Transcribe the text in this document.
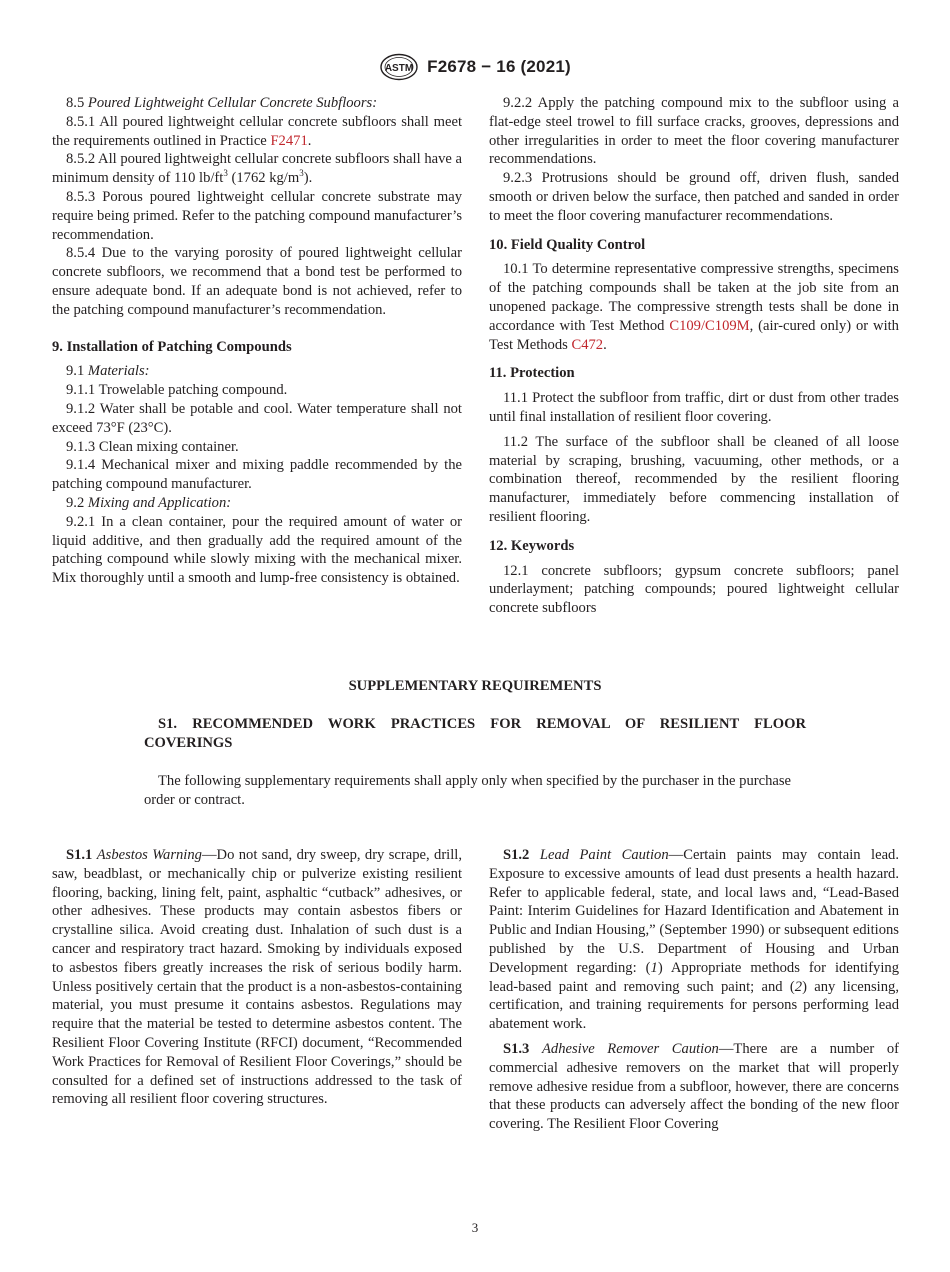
ASTM F2678 − 16 (2021)

8.5 Poured Lightweight Cellular Concrete Subfloors:

8.5.1 All poured lightweight cellular concrete subfloors shall meet the requirements outlined in Practice F2471.

8.5.2 All poured lightweight cellular concrete subfloors shall have a minimum density of 110 $lb/ft^3$ (1762 $kg/m^3$).

8.5.3 Porous poured lightweight cellular concrete substrate may require being primed. Refer to the patching compound manufacturer’s recommendation.

8.5.4 Due to the varying porosity of poured lightweight cellular concrete subfloors, we recommend that a bond test be performed to ensure adequate bond. If an adequate bond is not achieved, refer to the patching compound manufacturer’s recommendation.

9. Installation of Patching Compounds

9.1 Materials:

9.1.1 Trowelable patching compound.

9.1.2 Water shall be potable and cool. Water temperature shall not exceed 73°F (23°C).

9.1.3 Clean mixing container.

9.1.4 Mechanical mixer and mixing paddle recommended by the patching compound manufacturer.

9.2 Mixing and Application:

9.2.1 In a clean container, pour the required amount of water or liquid additive, and then gradually add the required amount of the patching compound while slowly mixing with the mechanical mixer. Mix thoroughly until a smooth and lump-free consistency is obtained.

9.2.2 Apply the patching compound mix to the subfloor using a flat-edge steel trowel to fill surface cracks, grooves, depressions and other irregularities in order to meet the floor covering manufacturer recommendations.

9.2.3 Protrusions should be ground off, driven flush, sanded smooth or driven below the surface, then patched and sanded in order to meet the floor covering manufacturer recommendations.

10. Field Quality Control

10.1 To determine representative compressive strengths, specimens of the patching compounds shall be taken at the job site from an unopened package. The compressive strength tests shall be done in accordance with Test Method C109/C109M, (air-cured only) or with Test Methods C472.

11. Protection

11.1 Protect the subfloor from traffic, dirt or dust from other trades until final installation of resilient floor covering.

11.2 The surface of the subfloor shall be cleaned of all loose material by scraping, brushing, vacuuming, other methods, or a combination thereof, recommended by the resilient flooring manufacturer, immediately before commencing installation of resilient flooring.

12. Keywords

12.1 concrete subfloors; gypsum concrete subfloors; panel underlayment; patching compounds; poured lightweight cellular concrete subfloors

SUPPLEMENTARY REQUIREMENTS
S1. RECOMMENDED WORK PRACTICES FOR REMOVAL OF RESILIENT FLOOR COVERINGS
The following supplementary requirements shall apply only when specified by the purchaser in the purchase order or contract.

S1.1 Asbestos Warning—Do not sand, dry sweep, dry scrape, drill, saw, beadblast, or mechanically chip or pulverize existing resilient flooring, backing, lining felt, paint, asphaltic “cutback” adhesives, or other adhesives. These products may contain asbestos fibers or crystalline silica. Avoid creating dust. Inhalation of such dust is a cancer and respiratory tract hazard. Smoking by individuals exposed to asbestos fibers greatly increases the risk of serious bodily harm. Unless positively certain that the product is a non-asbestos-containing material, you must presume it contains asbestos. Regulations may require that the material be tested to determine asbestos content. The Resilient Floor Covering Institute (RFCI) document, “Recommended Work Practices for Removal of Resilient Floor Coverings,” should be consulted for a defined set of instructions addressed to the task of removing all resilient floor covering structures.

S1.2 Lead Paint Caution—Certain paints may contain lead. Exposure to excessive amounts of lead dust presents a health hazard. Refer to applicable federal, state, and local laws and, “Lead-Based Paint: Interim Guidelines for Hazard Identification and Abatement in Public and Indian Housing,” (September 1990) or subsequent editions published by the U.S. Department of Housing and Urban Development regarding: (1) Appropriate methods for identifying lead-based paint and removing such paint; and (2) any licensing, certification, and training requirements for persons performing lead abatement work.

S1.3 Adhesive Remover Caution—There are a number of commercial adhesive removers on the market that will properly remove adhesive residue from a subfloor, however, there are concerns that these products can adversely affect the bonding of the new floor covering. The Resilient Floor Covering

3
